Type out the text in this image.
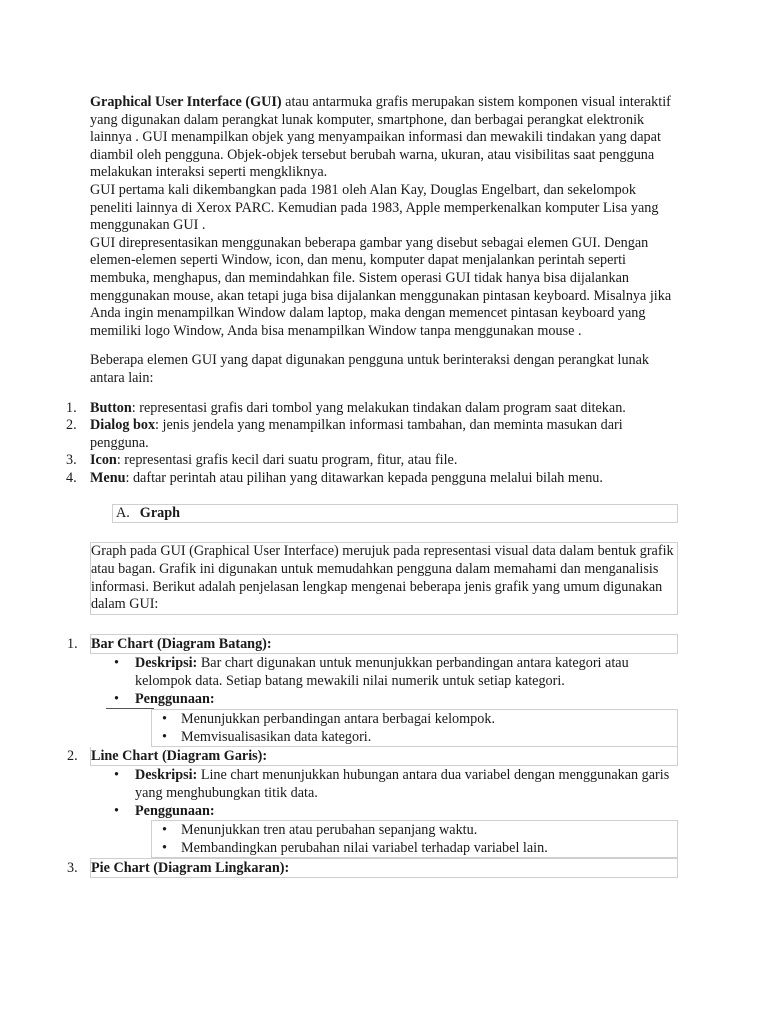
Graphical User Interface (GUI) atau antarmuka grafis merupakan sistem komponen visual interaktif yang digunakan dalam perangkat lunak komputer, smartphone, dan berbagai perangkat elektronik lainnya . GUI menampilkan objek yang menyampaikan informasi dan mewakili tindakan yang dapat diambil oleh pengguna. Objek-objek tersebut berubah warna, ukuran, atau visibilitas saat pengguna melakukan interaksi seperti mengkliknya.

GUI pertama kali dikembangkan pada 1981 oleh Alan Kay, Douglas Engelbart, dan sekelompok peneliti lainnya di Xerox PARC. Kemudian pada 1983, Apple memperkenalkan komputer Lisa yang menggunakan GUI .

GUI direpresentasikan menggunakan beberapa gambar yang disebut sebagai elemen GUI. Dengan elemen-elemen seperti Window, icon, dan menu, komputer dapat menjalankan perintah seperti membuka, menghapus, dan memindahkan file. Sistem operasi GUI tidak hanya bisa dijalankan menggunakan mouse, akan tetapi juga bisa dijalankan menggunakan pintasan keyboard. Misalnya jika Anda ingin menampilkan Window dalam laptop, maka dengan memencet pintasan keyboard yang memiliki logo Window, Anda bisa menampilkan Window tanpa menggunakan mouse .

Beberapa elemen GUI yang dapat digunakan pengguna untuk berinteraksi dengan perangkat lunak antara lain:

1. Button: representasi grafis dari tombol yang melakukan tindakan dalam program saat ditekan.
2. Dialog box: jenis jendela yang menampilkan informasi tambahan, dan meminta masukan dari pengguna.
3. Icon: representasi grafis kecil dari suatu program, fitur, atau file.
4. Menu: daftar perintah atau pilihan yang ditawarkan kepada pengguna melalui bilah menu.
A. Graph

Graph pada GUI (Graphical User Interface) merujuk pada representasi visual data dalam bentuk grafik atau bagan. Grafik ini digunakan untuk memudahkan pengguna dalam memahami dan menganalisis informasi. Berikut adalah penjelasan lengkap mengenai beberapa jenis grafik yang umum digunakan dalam GUI:

1. Bar Chart (Diagram Batang):
• Deskripsi: Bar chart digunakan untuk menunjukkan perbandingan antara kategori atau kelompok data. Setiap batang mewakili nilai numerik untuk setiap kategori.
• Penggunaan:
• Menunjukkan perbandingan antara berbagai kelompok.
• Memvisualisasikan data kategori.
2. Line Chart (Diagram Garis):
• Deskripsi: Line chart menunjukkan hubungan antara dua variabel dengan menggunakan garis yang menghubungkan titik data.
• Penggunaan:
• Menunjukkan tren atau perubahan sepanjang waktu.
• Membandingkan perubahan nilai variabel terhadap variabel lain.
3. Pie Chart (Diagram Lingkaran):
